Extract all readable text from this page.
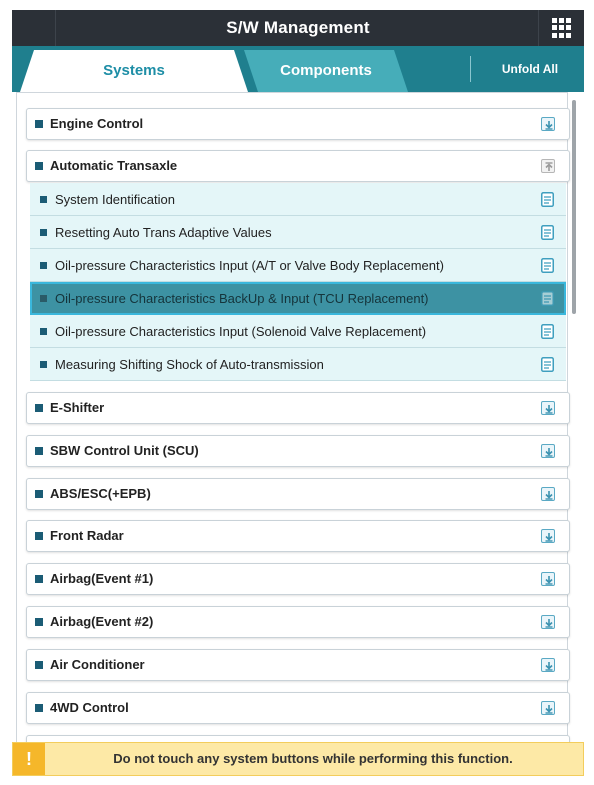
S/W Management
Systems	Components	Unfold All
Engine Control
Automatic Transaxle
System Identification
Resetting Auto Trans Adaptive Values
Oil-pressure Characteristics Input (A/T or Valve Body Replacement)
Oil-pressure Characteristics BackUp & Input (TCU Replacement)
Oil-pressure Characteristics Input (Solenoid Valve Replacement)
Measuring Shifting Shock of Auto-transmission
E-Shifter
SBW Control Unit (SCU)
ABS/ESC(+EPB)
Front Radar
Airbag(Event #1)
Airbag(Event #2)
Air Conditioner
4WD Control
!	Do not touch any system buttons while performing this function.
